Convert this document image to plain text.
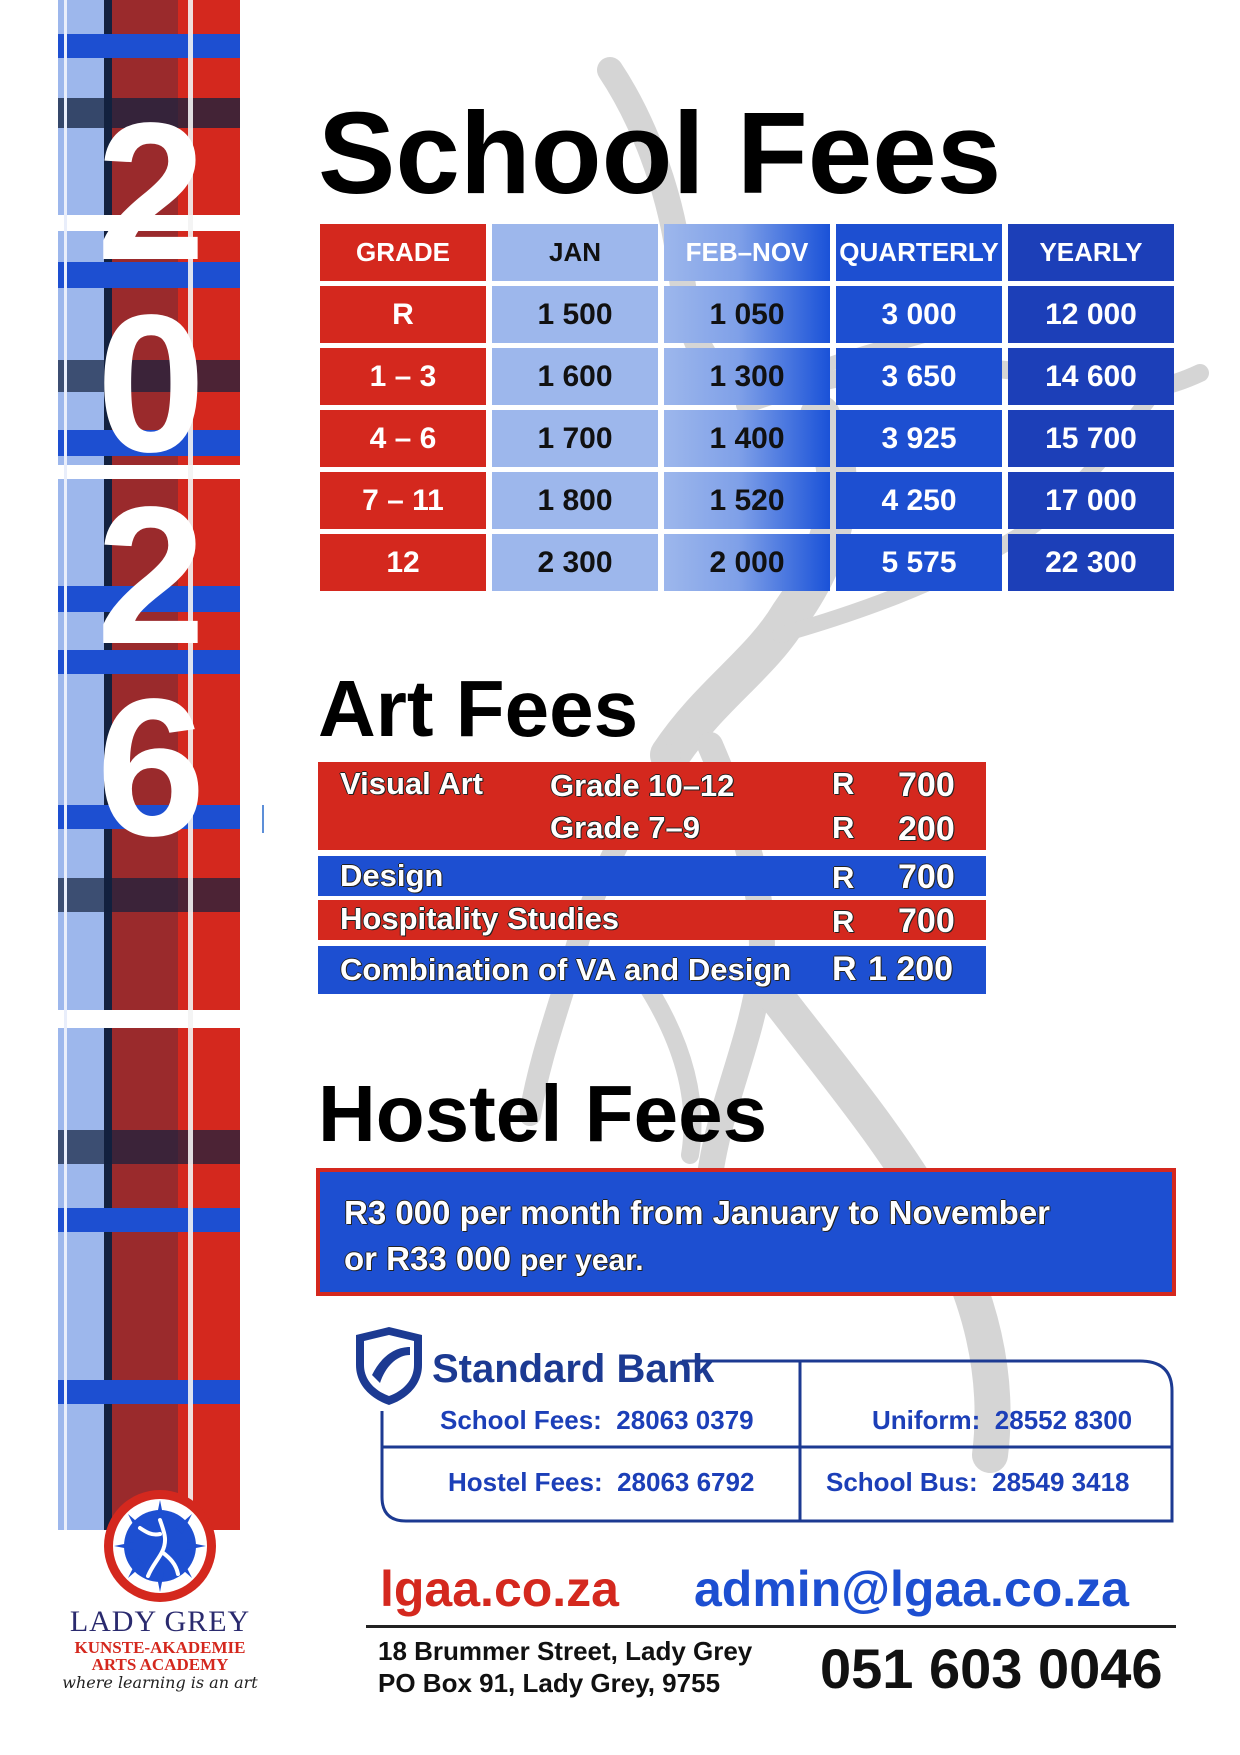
2
0
2
6
School Fees
Art Fees
Hostel Fees
GRADE	JAN	FEB–NOV	QUARTERLY	YEARLY
R	1 500	1 050	3 000	12 000
1 – 3	1 600	1 300	3 650	14 600
4 – 6	1 700	1 400	3 925	15 700
7 – 11	1 800	1 520	4 250	17 000
12	2 300	2 000	5 575	22 300
Visual Art Grade 10–12	R 700
Grade 7–9	R 200
Design	R 700
Hospitality Studies	R 700
Combination of VA and Design R 1 200
R3 000 per month from January to November
or R33 000 per year.
Standard Bank
School Fees: 28063 0379
Hostel Fees: 28063 6792
Uniform: 28552 8300
School Bus: 28549 3418
lgaa.co.za admin@lgaa.co.za
18 Brummer Street, Lady Grey
PO Box 91, Lady Grey, 9755 051 603 0046
LADY GREY
KUNSTE-AKADEMIE
ARTS ACADEMY
where learning is an art
